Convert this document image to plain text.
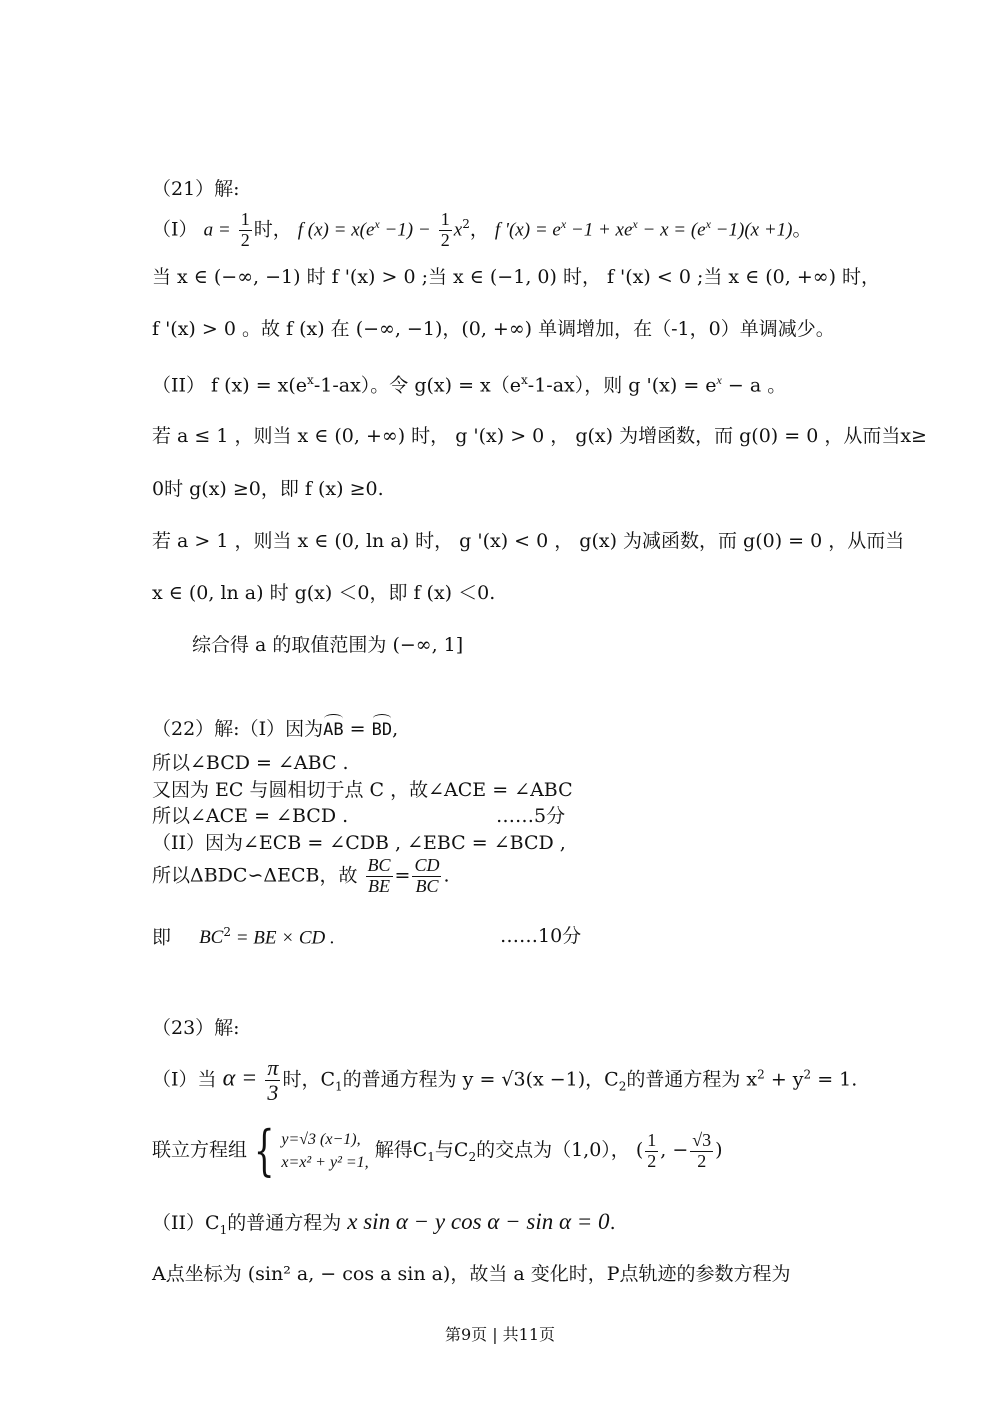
（21）解:
（I） $a = \frac{1}{2}$ 时， f $(x) = x(e^x -1) - \frac{1}{2} x^2$， f '$(x) = e^x -1 + xe^x - x = (e^x -1)(x +1)$。
当 x ∈ (−∞, −1) 时 f '(x) > 0 ;当 x ∈ (−1, 0) 时， f '(x) < 0 ;当 x ∈ (0, +∞) 时，
f '(x) > 0 。故 f (x) 在 (−∞, −1)，(0, +∞) 单调增加，在（-1，0）单调减少。
（II） f $(x) = x(e^x-1-ax)$。令 $g(x) = x(e^x-1-ax)$，则 g '$(x) = e^x - a$ 。
若 a ≤ 1 ，则当 x ∈ (0, +∞) 时， g '(x) > 0 ， g(x) 为增函数，而 g(0) = 0 ，从而当x≥
0时 g(x) ≥0，即 f (x) ≥0.
若 a > 1 ，则当 x ∈ (0, ln a) 时， g '(x) < 0 ， g(x) 为减函数，而 g(0) = 0 ，从而当
x ∈ (0, ln a) 时 g(x) ＜0，即 f (x) ＜0.
综合得 a 的取值范围为 (−∞, 1]
（22）解:（I）因为AB = BD,
所以∠BCD = ∠ABC .
又因为 EC 与圆相切于点 C ，故∠ACE = ∠ABC
所以∠ACE = ∠BCD .	……5分
（II）因为∠ECB = ∠CDB , ∠EBC = ∠BCD ,
所以ΔBDC∽ΔECB，故 $\frac{BC}{BE} = \frac{CD}{BC}$ .
即 $BC^2$ = BE × CD .	……10分
（23）解:
（I）当 $\alpha = \frac{\pi}{3}$ 时，$C_1$的普通方程为 y = √3(x −1)，$C_2$的普通方程为 $x^2 + y^2 = 1$.
联立方程组 { y=√3 (x−1),
x=x² + y² =1,
解得$C_1$与$C_2$的交点为（1,0）， ( $\frac{1}{2}$ , − $\frac{√3}{2}$ )
$(II)C_1$的普通方程为 x sin α − y cos α − sin α = 0.
A点坐标为 (sin² a, − cos a sin a)，故当 a 变化时，P点轨迹的参数方程为
第9页 | 共11页
